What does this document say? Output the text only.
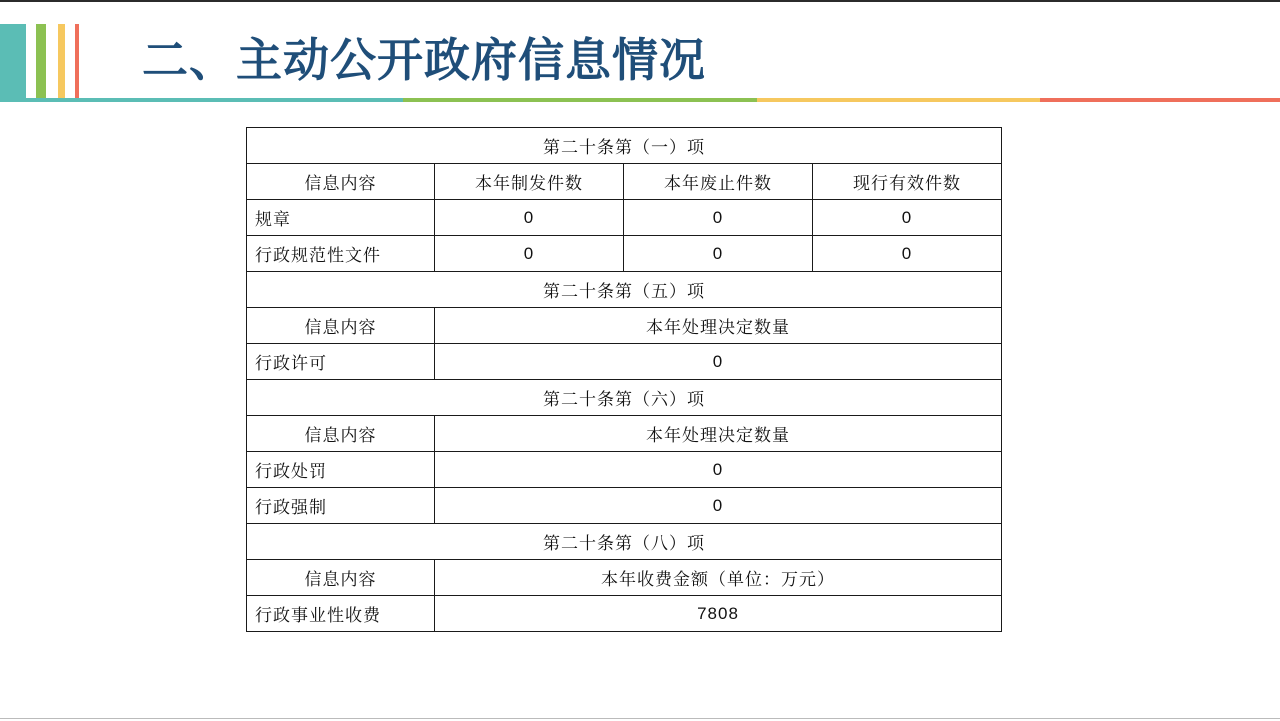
二、主动公开政府信息情况
第二十条第（一）项			
信息内容	本年制发件数	本年废止件数	现行有效件数
规章	0	0	0
行政规范性文件	0	0	0
第二十条第（五）项			
信息内容	本年处理决定数量		
行政许可	0		
第二十条第（六）项			
信息内容	本年处理决定数量		
行政处罚	0		
行政强制	0		
第二十条第（八）项			
信息内容	本年收费金额（单位：万元）		
行政事业性收费	7808		
